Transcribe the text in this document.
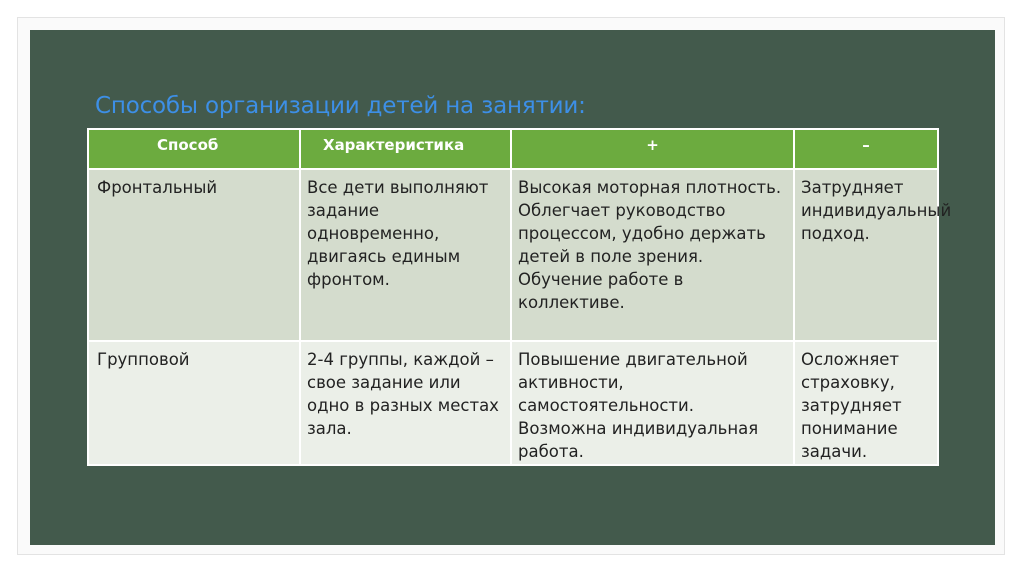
Способы организации детей на занятии:
Способ	Характеристика	+	–
Фронтальный	Все дети выполняют задание одновременно, двигаясь единым фронтом.	Высокая моторная плотность. Облегчает руководство процессом, удобно держать детей в поле зрения. Обучение работе в коллективе.	Затрудняет индивидуальный подход.
Групповой	2-4 группы, каждой –свое задание или одно в разных местах зала.	Повышение двигательной активности, самостоятельности. Возможна индивидуальная работа.	Осложняет страховку, затрудняет понимание задачи.
